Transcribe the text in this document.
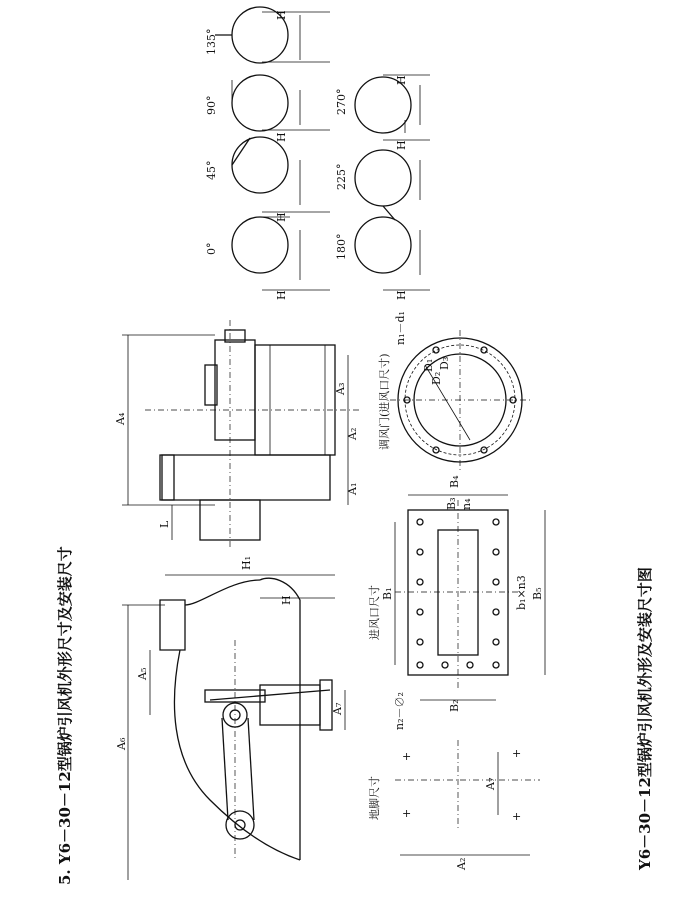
5. Y6－30－12型锅炉引风机外形尺寸及安装尺寸	Y6－30－12型锅炉引风机外形及安装尺寸图
A₆
H₁
H
A₅
A₇
A₄
A₃
A₂
A₁
L
D₁
D₂
D₃
n₁－d₁
调风门(进风口尺寸)
B₁
B₄
B₃ n₄
B₅
B₂
b₁×n3
n₂－∅₂
进风口尺寸
+
+
+
+
A₂
A₇
地脚尺寸
0°
H
45°
H
90°
H
135°
H
180°
H
225°
H
270°
H
